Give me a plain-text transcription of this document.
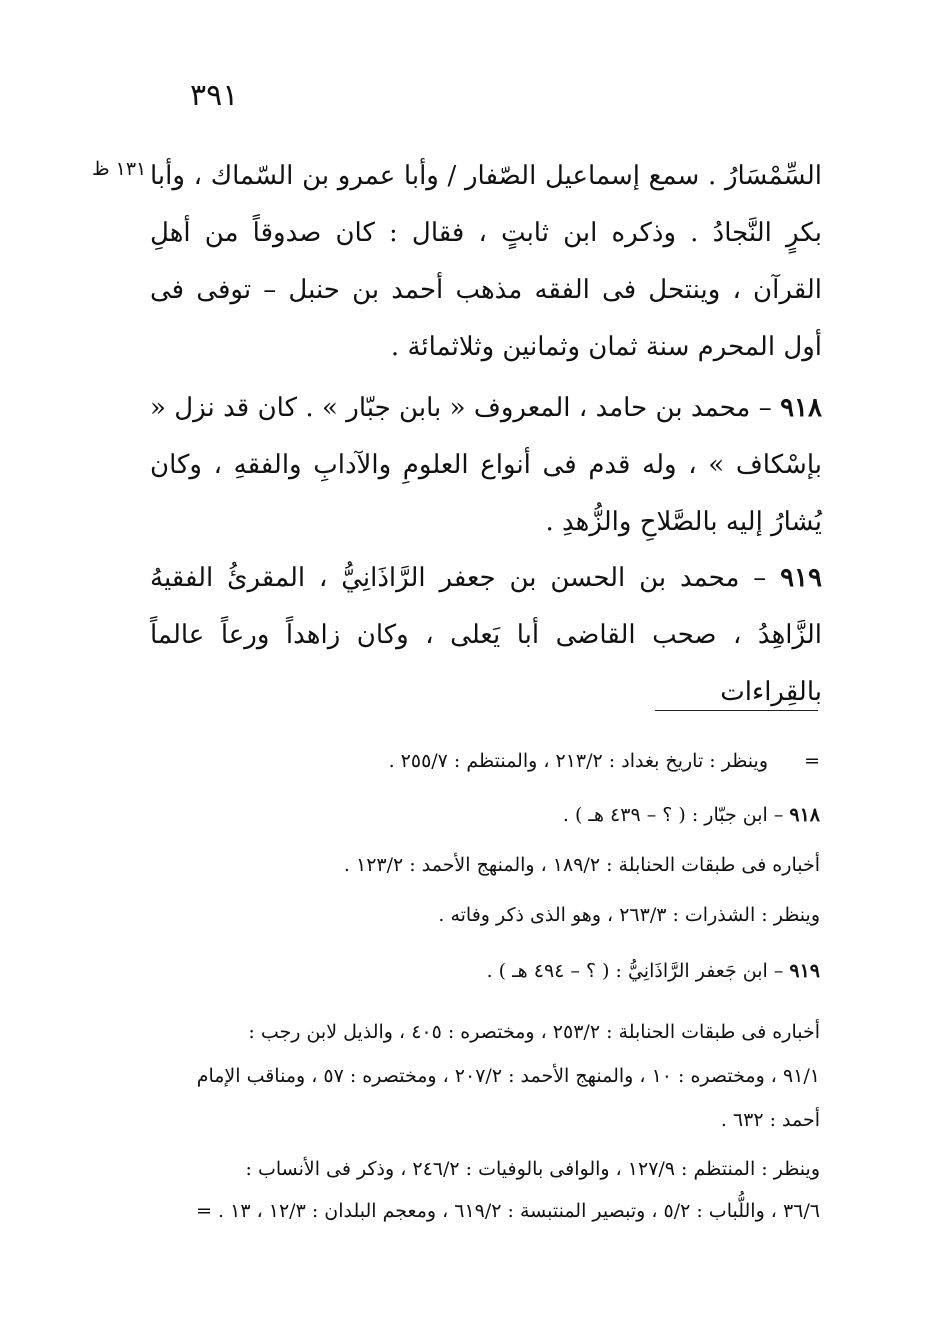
٣٩١
١٣١ ظ السِّمْسَارُ . سمع إسماعيل الصّفار / وأبا عمرو بن السّماك ، وأبا بكرٍ النَّجادُ . وذكره ابن ثابتٍ ، فقال : كان صدوقاً من أهلِ القرآن ، وينتحل فى الفقه مذهب أحمد بن حنبل – توفى فى أول المحرم سنة ثمان وثمانين وثلاثمائة .

٩١٨ – محمد بن حامد ، المعروف « بابن جبّار » . كان قد نزل « بإسْكاف » ، وله قدم فى أنواع العلومِ والآدابِ والفقهِ ، وكان يُشارُ إليه بالصَّلاحِ والزُّهدِ .

٩١٩ – محمد بن الحسن بن جعفر الرَّاذَانِيُّ ، المقرئُ الفقيهُ الزَّاهِدُ ، صحب القاضى أبا يَعلى ، وكان زاهداً ورعاً عالماً بالقِراءات

=

وينظر : تاريخ بغداد : ٢١٣/٢ ، والمنتظم : ٢٥٥/٧ .

٩١٨ – ابن جبّار : ( ؟ – ٤٣٩ هـ ) .

أخباره فى طبقات الحنابلة : ١٨٩/٢ ، والمنهج الأحمد : ١٢٣/٢ .

وينظر : الشذرات : ٢٦٣/٣ ، وهو الذى ذكر وفاته .

٩١٩ – ابن جَعفر الرَّاذَانِيُّ : ( ؟ – ٤٩٤ هـ ) .

أخباره فى طبقات الحنابلة : ٢٥٣/٢ ، ومختصره : ٤٠٥ ، والذيل لابن رجب :
٩١/١ ، ومختصره : ١٠ ، والمنهج الأحمد : ٢٠٧/٢ ، ومختصره : ٥٧ ، ومناقب الإمام
أحمد : ٦٣٢ .
وينظر : المنتظم : ١٢٧/٩ ، والوافى بالوفيات : ٢٤٦/٢ ، وذكر فى الأنساب :
٣٦/٦ ، واللُّباب : ٥/٢ ، وتبصير المنتبسة : ٦١٩/٢ ، ومعجم البلدان : ١٢/٣ ، ١٣ . =
